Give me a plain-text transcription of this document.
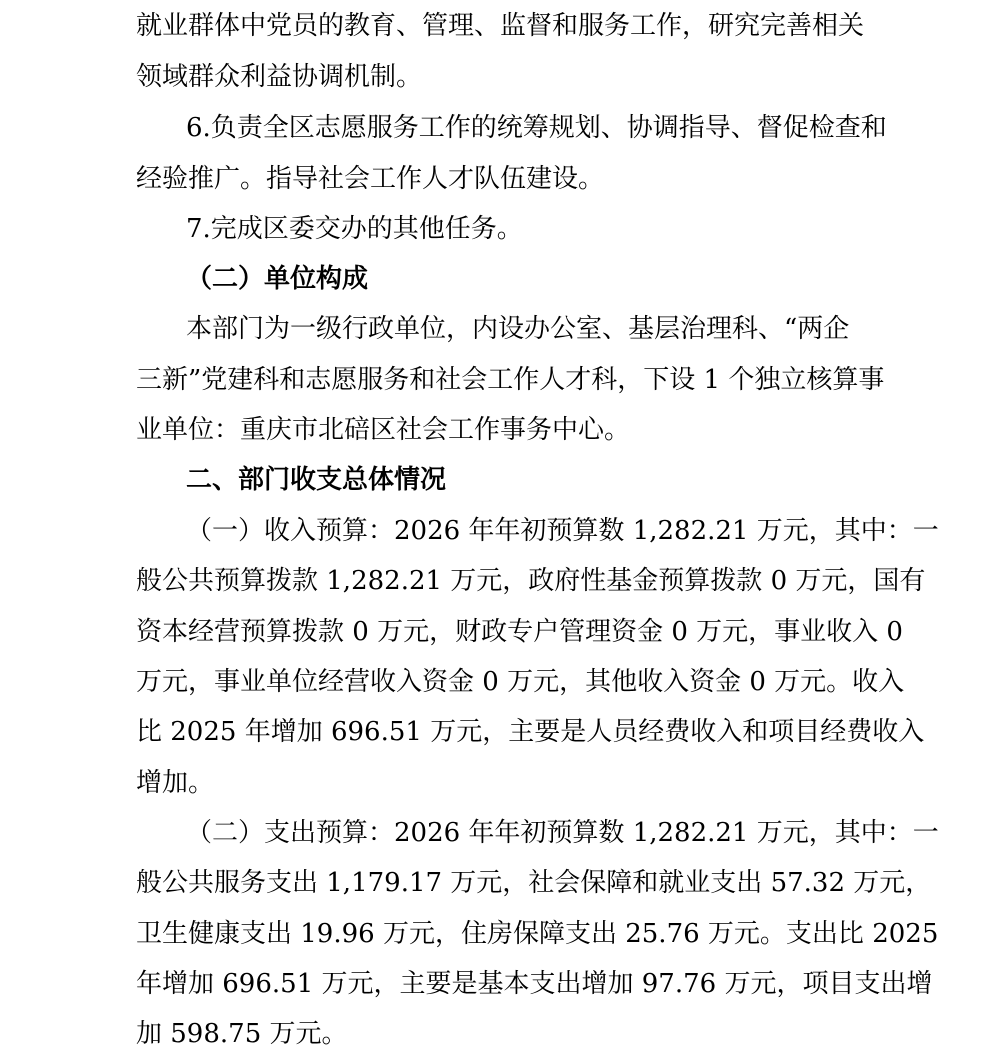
就业群体中党员的教育、管理、监督和服务工作，研究完善相关
领域群众利益协调机制。
6.负责全区志愿服务工作的统筹规划、协调指导、督促检查和
经验推广。指导社会工作人才队伍建设。
7.完成区委交办的其他任务。
（二）单位构成
本部门为一级行政单位，内设办公室、基层治理科、“两企
三新”党建科和志愿服务和社会工作人才科，下设 1 个独立核算事
业单位：重庆市北碚区社会工作事务中心。
二、部门收支总体情况
（一）收入预算：2026 年年初预算数 1,282.21 万元，其中：一
般公共预算拨款 1,282.21 万元，政府性基金预算拨款 0 万元，国有
资本经营预算拨款 0 万元，财政专户管理资金 0 万元，事业收入 0
万元，事业单位经营收入资金 0 万元，其他收入资金 0 万元。收入
比 2025 年增加 696.51 万元，主要是人员经费收入和项目经费收入
增加。
（二）支出预算：2026 年年初预算数 1,282.21 万元，其中：一
般公共服务支出 1,179.17 万元，社会保障和就业支出 57.32 万元，
卫生健康支出 19.96 万元，住房保障支出 25.76 万元。支出比 2025
年增加 696.51 万元，主要是基本支出增加 97.76 万元，项目支出增
加 598.75 万元。
